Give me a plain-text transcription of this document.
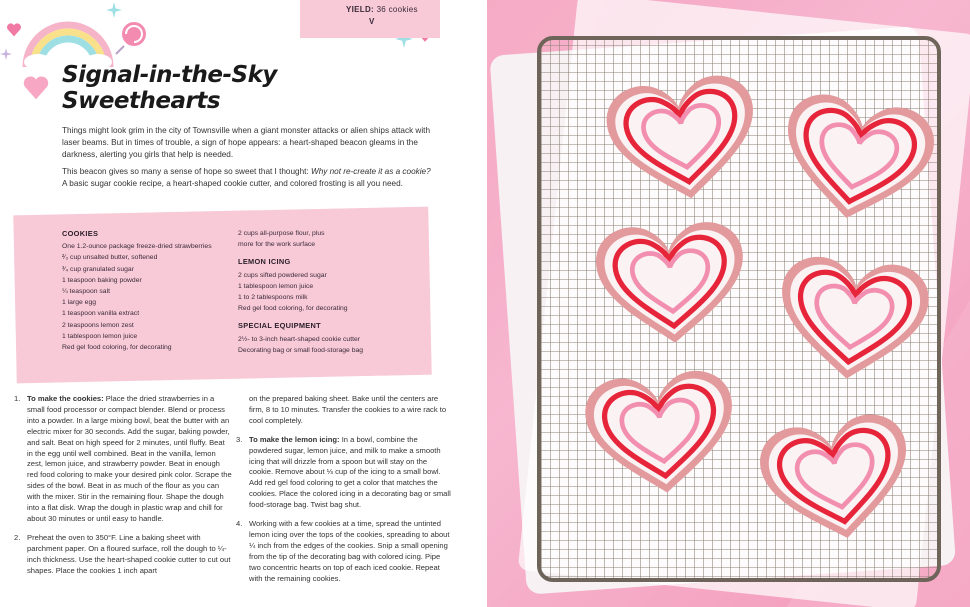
YIELD: 36 cookies
V
Signal-in-the-Sky
Sweethearts

Things might look grim in the city of Townsville when a giant monster attacks or alien ships attack with laser beams. But in times of trouble, a sign of hope appears: a heart-shaped beacon gleams in the darkness, alerting you girls that help is needed.

This beacon gives so many a sense of hope so sweet that I thought: Why not re-create it as a cookie? A basic sugar cookie recipe, a heart-shaped cookie cutter, and colored frosting is all you need.

COOKIES
One 1.2-ounce package freeze-dried strawberries
²⁄₃ cup unsalted butter, softened
³⁄₄ cup granulated sugar
1 teaspoon baking powder
¼ teaspoon salt
1 large egg
1 teaspoon vanilla extract
2 teaspoons lemon zest
1 tablespoon lemon juice
Red gel food coloring, for decorating
2 cups all-purpose flour, plus
more for the work surface
LEMON ICING
2 cups sifted powdered sugar
1 tablespoon lemon juice
1 to 2 tablespoons milk
Red gel food coloring, for decorating
SPECIAL EQUIPMENT
2½- to 3-inch heart-shaped cookie cutter
Decorating bag or small food-storage bag
1. To make the cookies: Place the dried strawberries in a small food processor or compact blender. Blend or process into a powder. In a large mixing bowl, beat the butter with an electric mixer for 30 seconds. Add the sugar, baking powder, and salt. Beat on high speed for 2 minutes, until fluffy. Beat in the egg until well combined. Beat in the vanilla, lemon zest, lemon juice, and strawberry powder. Beat in enough red food coloring to make your desired pink color. Scrape the sides of the bowl. Beat in as much of the flour as you can with the mixer. Stir in the remaining flour. Shape the dough into a flat disk. Wrap the dough in plastic wrap and chill for about 30 minutes or until easy to handle.
2. Preheat the oven to 350°F. Line a baking sheet with parchment paper. On a floured surface, roll the dough to ¼-inch thickness. Use the heart-shaped cookie cutter to cut out shapes. Place the cookies 1 inch apart
on the prepared baking sheet. Bake until the centers are firm, 8 to 10 minutes. Transfer the cookies to a wire rack to cool completely.
3. To make the lemon icing: In a bowl, combine the powdered sugar, lemon juice, and milk to make a smooth icing that will drizzle from a spoon but will stay on the cookie. Remove about ⅓ cup of the icing to a small bowl. Add red gel food coloring to get a color that matches the cookies. Place the colored icing in a decorating bag or small food-storage bag. Twist bag shut.
4. Working with a few cookies at a time, spread the untinted lemon icing over the tops of the cookies, spreading to about ¼ inch from the edges of the cookies. Snip a small opening from the tip of the decorating bag with colored icing. Pipe two concentric hearts on top of each iced cookie. Repeat with the remaining cookies.
